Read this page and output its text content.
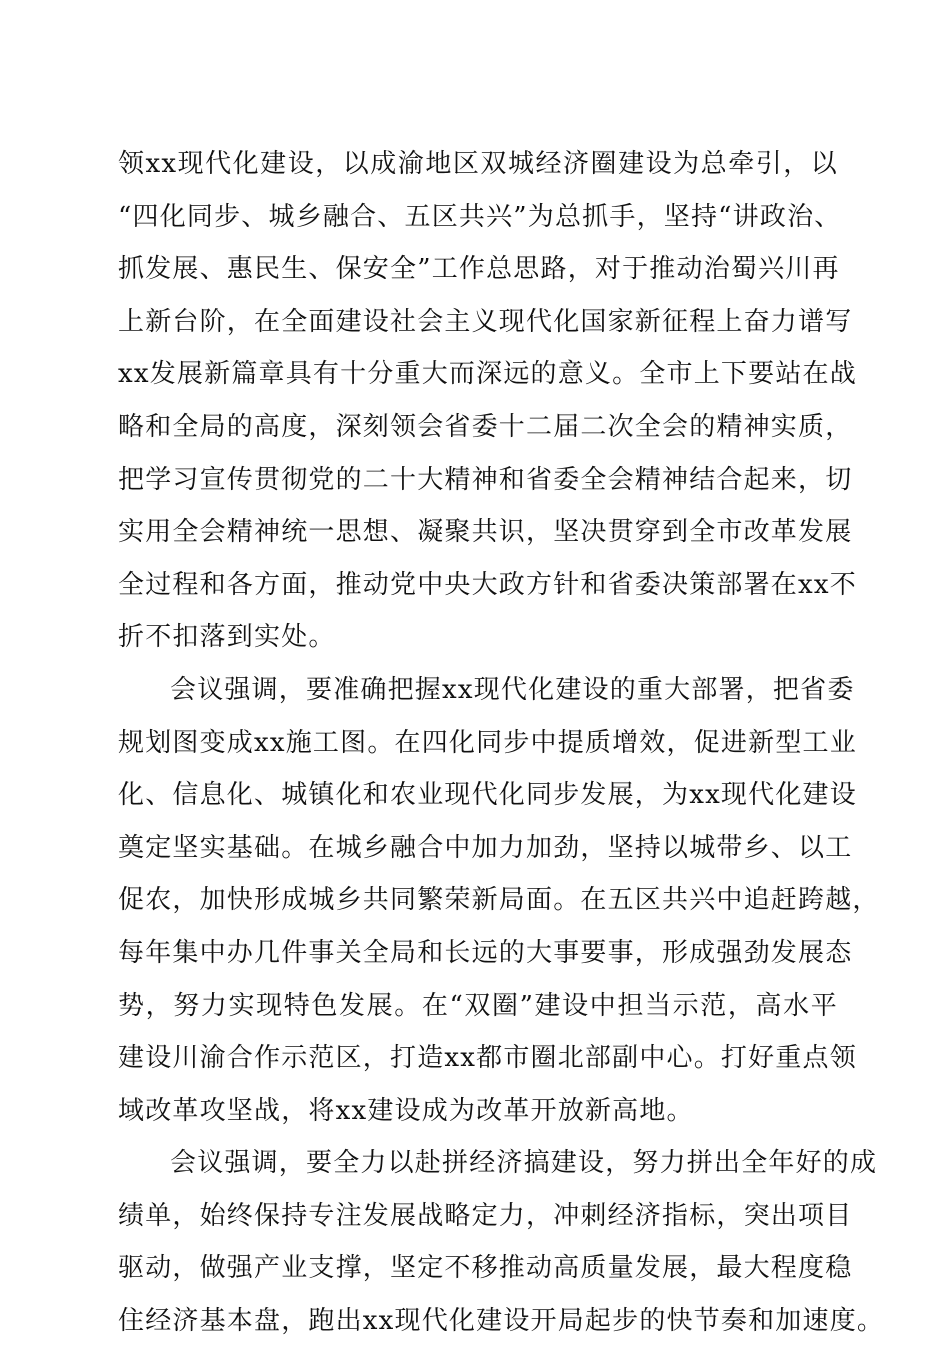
领xx现代化建设，以成渝地区双城经济圈建设为总牵引，以
“四化同步、城乡融合、五区共兴”为总抓手，坚持“讲政治、
抓发展、惠民生、保安全”工作总思路，对于推动治蜀兴川再
上新台阶，在全面建设社会主义现代化国家新征程上奋力谱写
xx发展新篇章具有十分重大而深远的意义。全市上下要站在战
略和全局的高度，深刻领会省委十二届二次全会的精神实质，
把学习宣传贯彻党的二十大精神和省委全会精神结合起来，切
实用全会精神统一思想、凝聚共识，坚决贯穿到全市改革发展
全过程和各方面，推动党中央大政方针和省委决策部署在xx不
折不扣落到实处。
会议强调，要准确把握xx现代化建设的重大部署，把省委
规划图变成xx施工图。在四化同步中提质增效，促进新型工业
化、信息化、城镇化和农业现代化同步发展，为xx现代化建设
奠定坚实基础。在城乡融合中加力加劲，坚持以城带乡、以工
促农，加快形成城乡共同繁荣新局面。在五区共兴中追赶跨越，
每年集中办几件事关全局和长远的大事要事，形成强劲发展态
势，努力实现特色发展。在“双圈”建设中担当示范，高水平
建设川渝合作示范区，打造xx都市圈北部副中心。打好重点领
域改革攻坚战，将xx建设成为改革开放新高地。
会议强调，要全力以赴拼经济搞建设，努力拼出全年好的成
绩单，始终保持专注发展战略定力，冲刺经济指标，突出项目
驱动，做强产业支撑，坚定不移推动高质量发展，最大程度稳
住经济基本盘，跑出xx现代化建设开局起步的快节奏和加速度。
